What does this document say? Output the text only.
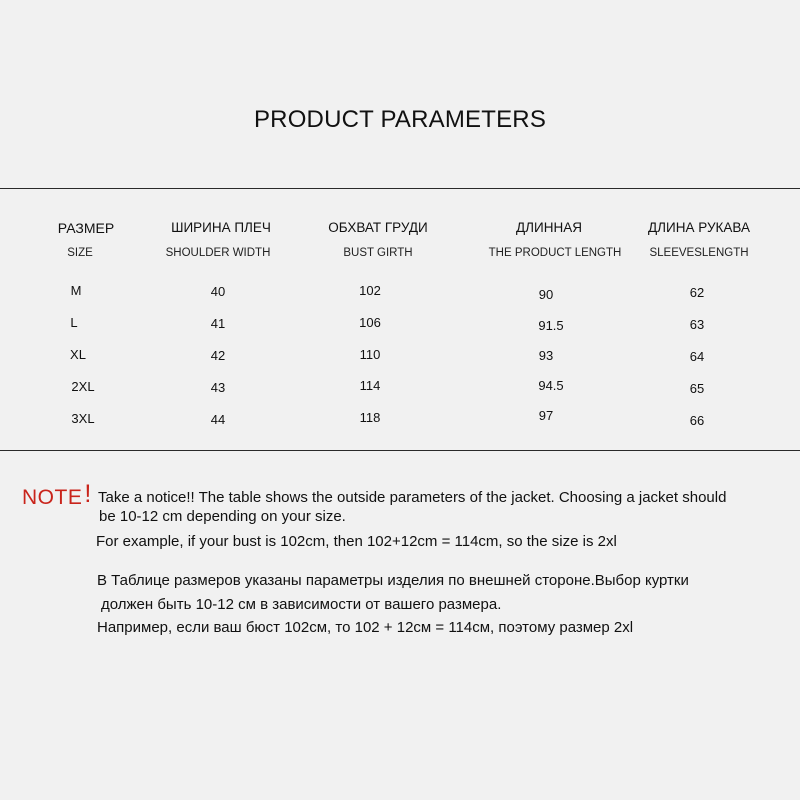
PRODUCT PARAMETERS
РАЗМЕР
SIZE
M
L
XL
2XL
3XL
ШИРИНА ПЛЕЧ
SHOULDER WIDTH
40
41
42
43
44
ОБХВАТ ГРУДИ
BUST GIRTH
102
106
110
114
118
ДЛИННАЯ
THE PRODUCT LENGTH
90
91.5
93
94.5
97
ДЛИНА РУКАВА
SLEEVESLENGTH
62
63
64
65
66
NOTE! Take a notice!! The table shows the outside parameters of the jacket. Choosing a jacket should
be 10-12 cm depending on your size.
For example, if your bust is 102cm, then 102+12cm = 114cm, so the size is 2xl
В Таблице размеров указаны параметры изделия по внешней стороне.Выбор куртки
должен быть 10-12 см в зависимости от вашего размера.
Например, если ваш бюст 102см, то 102 + 12см = 114см, поэтому размер 2xl
